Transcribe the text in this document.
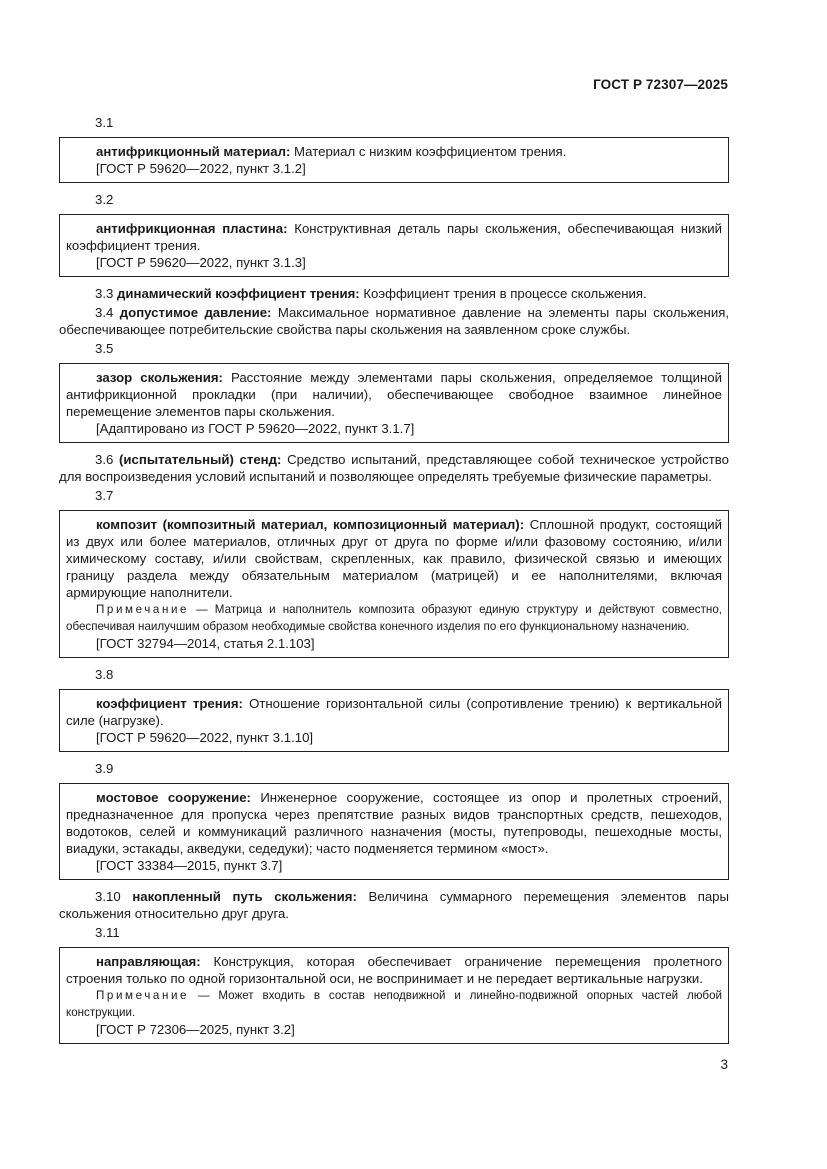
ГОСТ Р 72307—2025
3.1

антифрикционный материал: Материал с низким коэффициентом трения.

[ГОСТ Р 59620—2022, пункт 3.1.2]
3.2

антифрикционная пластина: Конструктивная деталь пары скольжения, обеспечивающая низкий коэффициент трения.

[ГОСТ Р 59620—2022, пункт 3.1.3]

3.3 динамический коэффициент трения: Коэффициент трения в процессе скольжения.

3.4 допустимое давление: Максимальное нормативное давление на элементы пары скольжения, обеспечивающее потребительские свойства пары скольжения на заявленном сроке службы.

3.5

зазор скольжения: Расстояние между элементами пары скольжения, определяемое толщиной антифрикционной прокладки (при наличии), обеспечивающее свободное взаимное линейное перемещение элементов пары скольжения.

[Адаптировано из ГОСТ Р 59620—2022, пункт 3.1.7]

3.6 (испытательный) стенд: Средство испытаний, представляющее собой техническое устройство для воспроизведения условий испытаний и позволяющее определять требуемые физические параметры.

3.7

композит (композитный материал, композиционный материал): Сплошной продукт, состоящий из двух или более материалов, отличных друг от друга по форме и/или фазовому состоянию, и/или химическому составу, и/или свойствам, скрепленных, как правило, физической связью и имеющих границу раздела между обязательным материалом (матрицей) и ее наполнителями, включая армирующие наполнители.

Примечание — Матрица и наполнитель композита образуют единую структуру и действуют совместно, обеспечивая наилучшим образом необходимые свойства конечного изделия по его функциональному назначению.

[ГОСТ 32794—2014, статья 2.1.103]
3.8

коэффициент трения: Отношение горизонтальной силы (сопротивление трению) к вертикальной силе (нагрузке).

[ГОСТ Р 59620—2022, пункт 3.1.10]
3.9

мостовое сооружение: Инженерное сооружение, состоящее из опор и пролетных строений, предназначенное для пропуска через препятствие разных видов транспортных средств, пешеходов, водотоков, селей и коммуникаций различного назначения (мосты, путепроводы, пешеходные мосты, виадуки, эстакады, акведуки, седедуки); часто подменяется термином «мост».

[ГОСТ 33384—2015, пункт 3.7]

3.10 накопленный путь скольжения: Величина суммарного перемещения элементов пары скольжения относительно друг друга.

3.11

направляющая: Конструкция, которая обеспечивает ограничение перемещения пролетного строения только по одной горизонтальной оси, не воспринимает и не передает вертикальные нагрузки.

Примечание — Может входить в состав неподвижной и линейно-подвижной опорных частей любой конструкции.

[ГОСТ Р 72306—2025, пункт 3.2]
3
